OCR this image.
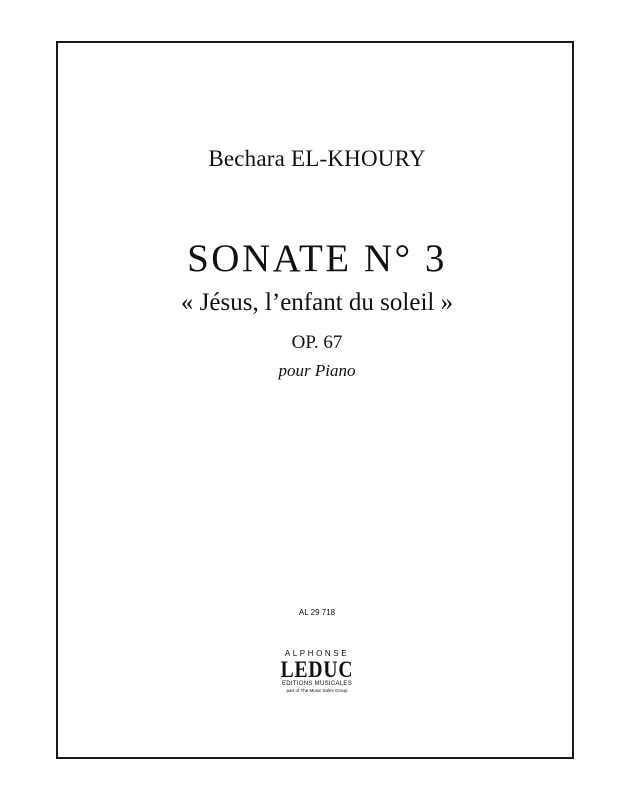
Bechara EL-KHOURY
SONATE N° 3
« Jésus, l’enfant du soleil »
OP. 67
pour Piano
AL 29 718
ALPHONSE
LEDUC
EDITIONS MUSICALES
part of The Music Sales Group
